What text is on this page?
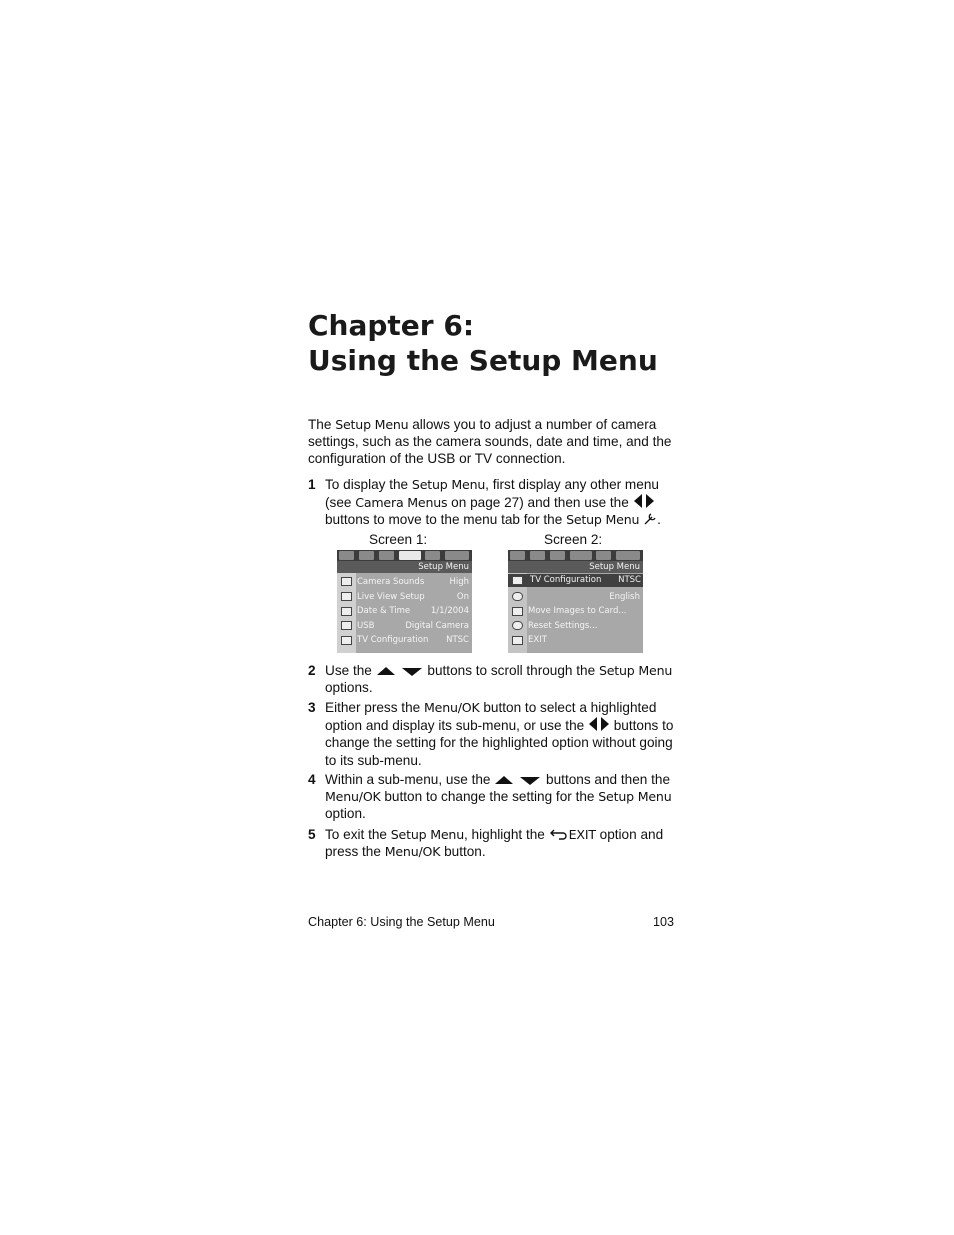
Chapter 6:
Using the Setup Menu

The Setup Menu allows you to adjust a number of camera settings, such as the camera sounds, date and time, and the configuration of the USB or TV connection.

1 To display the Setup Menu, first display any other menu (see Camera Menus on page 27) and then use the  buttons to move to the menu tab for the Setup Menu .
Screen 1:	Screen 2:
Setup Menu
Camera Sounds	High
Live View Setup	On
Date & Time 1/1/2004
USB	Digital Camera
TV Configuration NTSC
Setup Menu
TV Configuration NTSC
English
Move Images to Card...
Reset Settings...
EXIT
2 Use the	buttons to scroll through the Setup Menu options.
3 Either press the Menu/OK button to select a highlighted option and display its sub-menu, or use the  buttons to change the setting for the highlighted option without going to its sub-menu.
4 Within a sub-menu, use the	buttons and then the Menu/OK button to change the setting for the Setup Menu option.
5 To exit the Setup Menu, highlight the EXIT option and press the Menu/OK button.
Chapter 6: Using the Setup Menu	103
